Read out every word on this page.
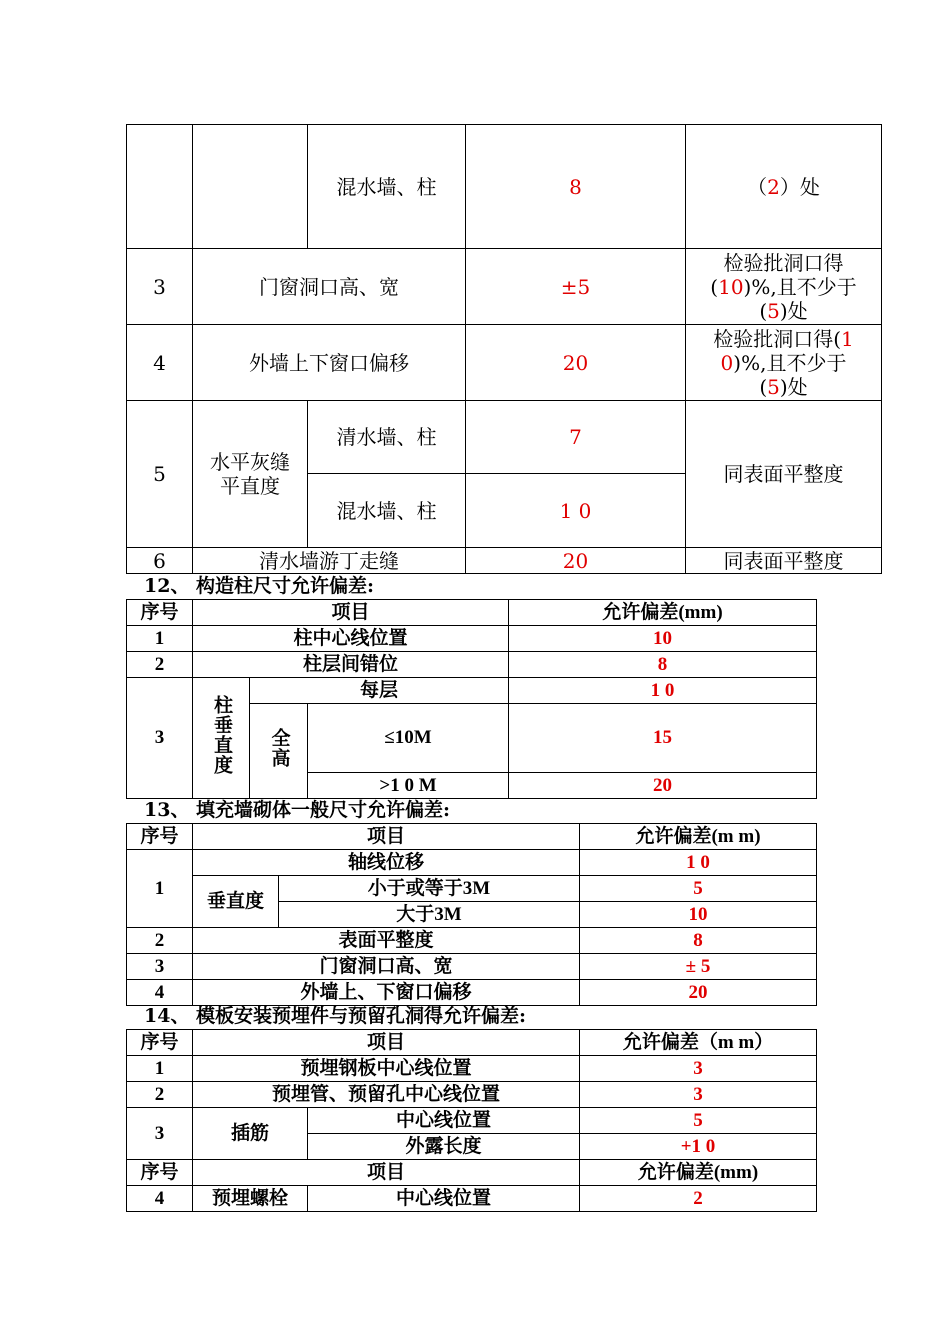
		混水墙、柱	8	（2）处
3	门窗洞口高、宽		±5	检验批洞口得
(10)%,且不少于
(5)处

4	外墙上下窗口偏移		20	检验批洞口得(1
0)%,且不少于
(5)处

5	水平灰缝平直度	清水墙、柱	7	同表面平整度
		混水墙、柱	1 0	
6	清水墙游丁走缝		20	同表面平整度
12、 构造柱尺寸允许偏差:
序号	项目			允许偏差(mm)
1	柱中心线位置			10
2	柱层间错位			8
3	柱垂直度	每层		1 0
		全高	≤10M	15
			>1 0 M	20
13、 填充墙砌体一般尺寸允许偏差:
序号	项目		允许偏差(m m)
1	轴线位移		1 0
	垂直度	小于或等于3M	5
		大于3M	10
2	表面平整度		8
3	门窗洞口高、宽		± 5
4	外墙上、下窗口偏移		20
14、 模板安装预埋件与预留孔洞得允许偏差:
序号	项目		允许偏差（m m）
1	预埋钢板中心线位置		3
2	预埋管、预留孔中心线位置		3
3	插筋	中心线位置	5
		外露长度	+1 0
序号	项目		允许偏差(mm)
4	预埋螺栓	中心线位置	2
